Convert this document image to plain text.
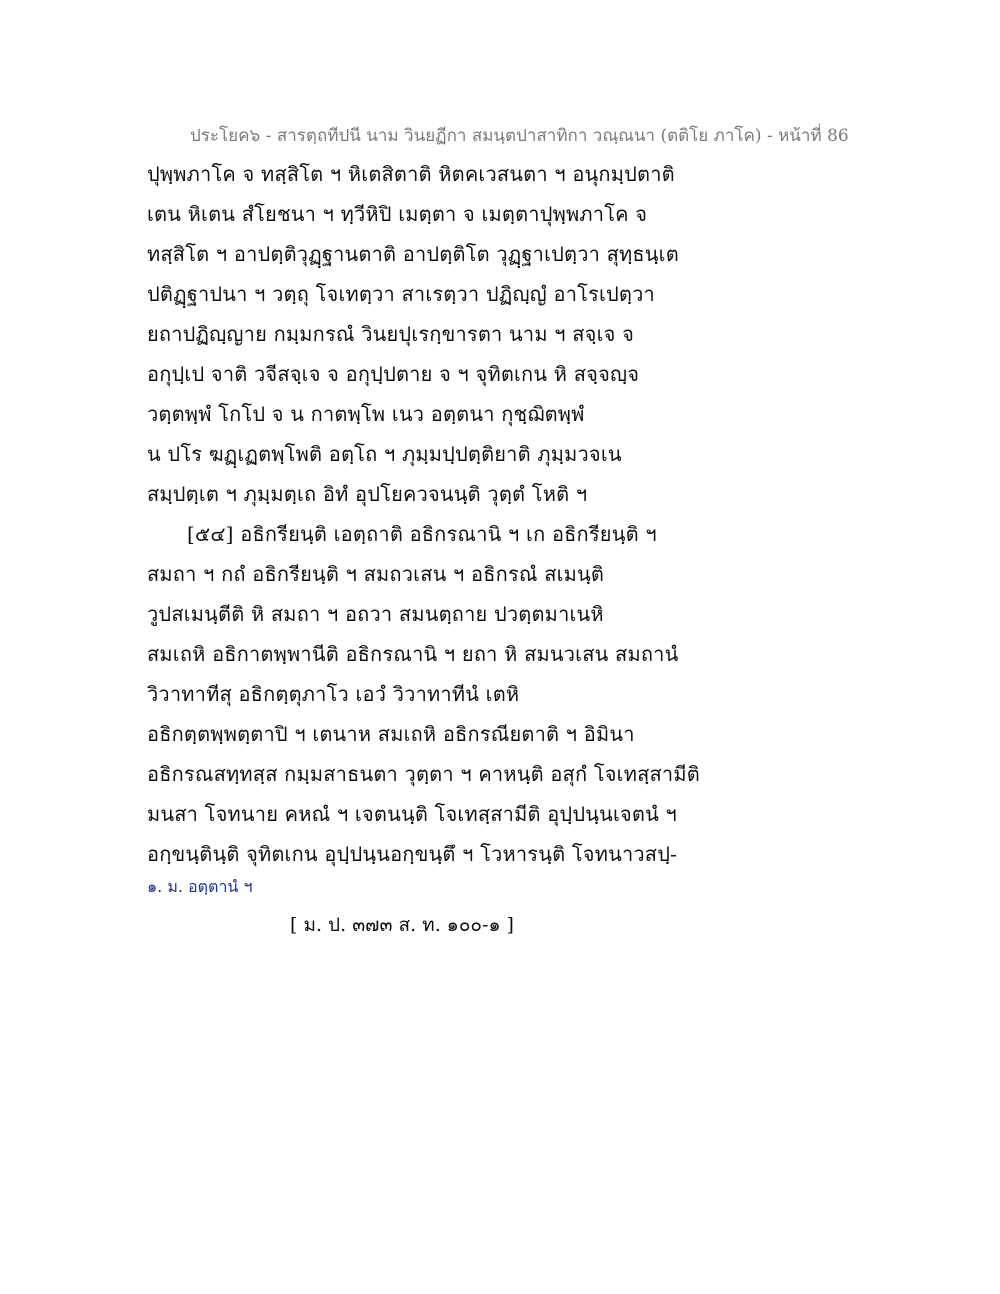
ประโยค๖ - สารตฺถทีปนี นาม วินยฏีกา สมนฺตปาสาทิกา วณฺณนา (ตติโย ภาโค) - หน้าที่ 86
ปุพฺพภาโค จ ทสฺสิโต ฯ หิเตสิตาติ หิตคเวสนตา ฯ อนุกมฺปตาติ
เตน หิเตน สํโยชนา ฯ ทฺวีหิปิ เมตฺตา จ เมตฺตาปุพฺพภาโค จ
ทสฺสิโต ฯ อาปตฺติวุฏฺฐานตาติ อาปตฺติโต วุฏฺฐาเปตฺวา สุทฺธนฺเต
ปติฏฺฐาปนา ฯ วตฺถุ โจเทตฺวา สาเรตฺวา ปฏิญฺญํ อาโรเปตฺวา
ยถาปฏิญฺญาย กมฺมกรณํ วินยปุเรกฺขารตา นาม ฯ สจฺเจ จ
อกุปฺเป จาติ วจีสจฺเจ จ อกุปฺปตาย จ ฯ จุทิตเกน หิ สจฺจญฺจ
วตฺตพฺพํ โกโป จ น กาตพฺโพ เนว อตฺตนา กุชฺฌิตพฺพํ
น ปโร ฆฏฺเฏตพฺโพติ อตฺโถ ฯ ภุมฺมปฺปตฺติยาติ ภุมฺมวจเน
สมฺปตฺเต ฯ ภุมฺมตฺเถ อิทํ อุปโยควจนนฺติ วุตฺตํ โหติ ฯ
[๕๔] อธิกรียนฺติ เอตฺถาติ อธิกรณานิ ฯ เก อธิกรียนฺติ ฯ
สมถา ฯ กถํ อธิกรียนฺติ ฯ สมถวเสน ฯ อธิกรณํ สเมนฺติ
วูปสเมนฺตีติ หิ สมถา ฯ อถวา สมนตฺถาย ปวตฺตมาเนหิ
สมเถหิ อธิกาตพฺพานีติ อธิกรณานิ ฯ ยถา หิ สมนวเสน สมถานํ
วิวาทาทีสุ อธิกตฺตุภาโว เอวํ วิวาทาทีนํ เตหิ
อธิกตฺตพฺพตฺตาปิ ฯ เตนาห สมเถหิ อธิกรณียตาติ ฯ อิมินา
อธิกรณสทฺทสฺส กมฺมสาธนตา วุตฺตา ฯ คาหนฺติ อสุกํ โจเทสฺสามีติ
มนสา โจทนาย คหณํ ฯ เจตนนฺติ โจเทสฺสามีติ อุปฺปนฺนเจตนํ ฯ
อกฺขนฺตินฺติ จุทิตเกน อุปฺปนฺนอกฺขนฺตึ ฯ โวหารนฺติ โจทนาวสปฺ-
๑. ม. อตฺตานํ ฯ
[ ม. ป. ๓๗๓ ส. ท. ๑๐๐-๑ ]
